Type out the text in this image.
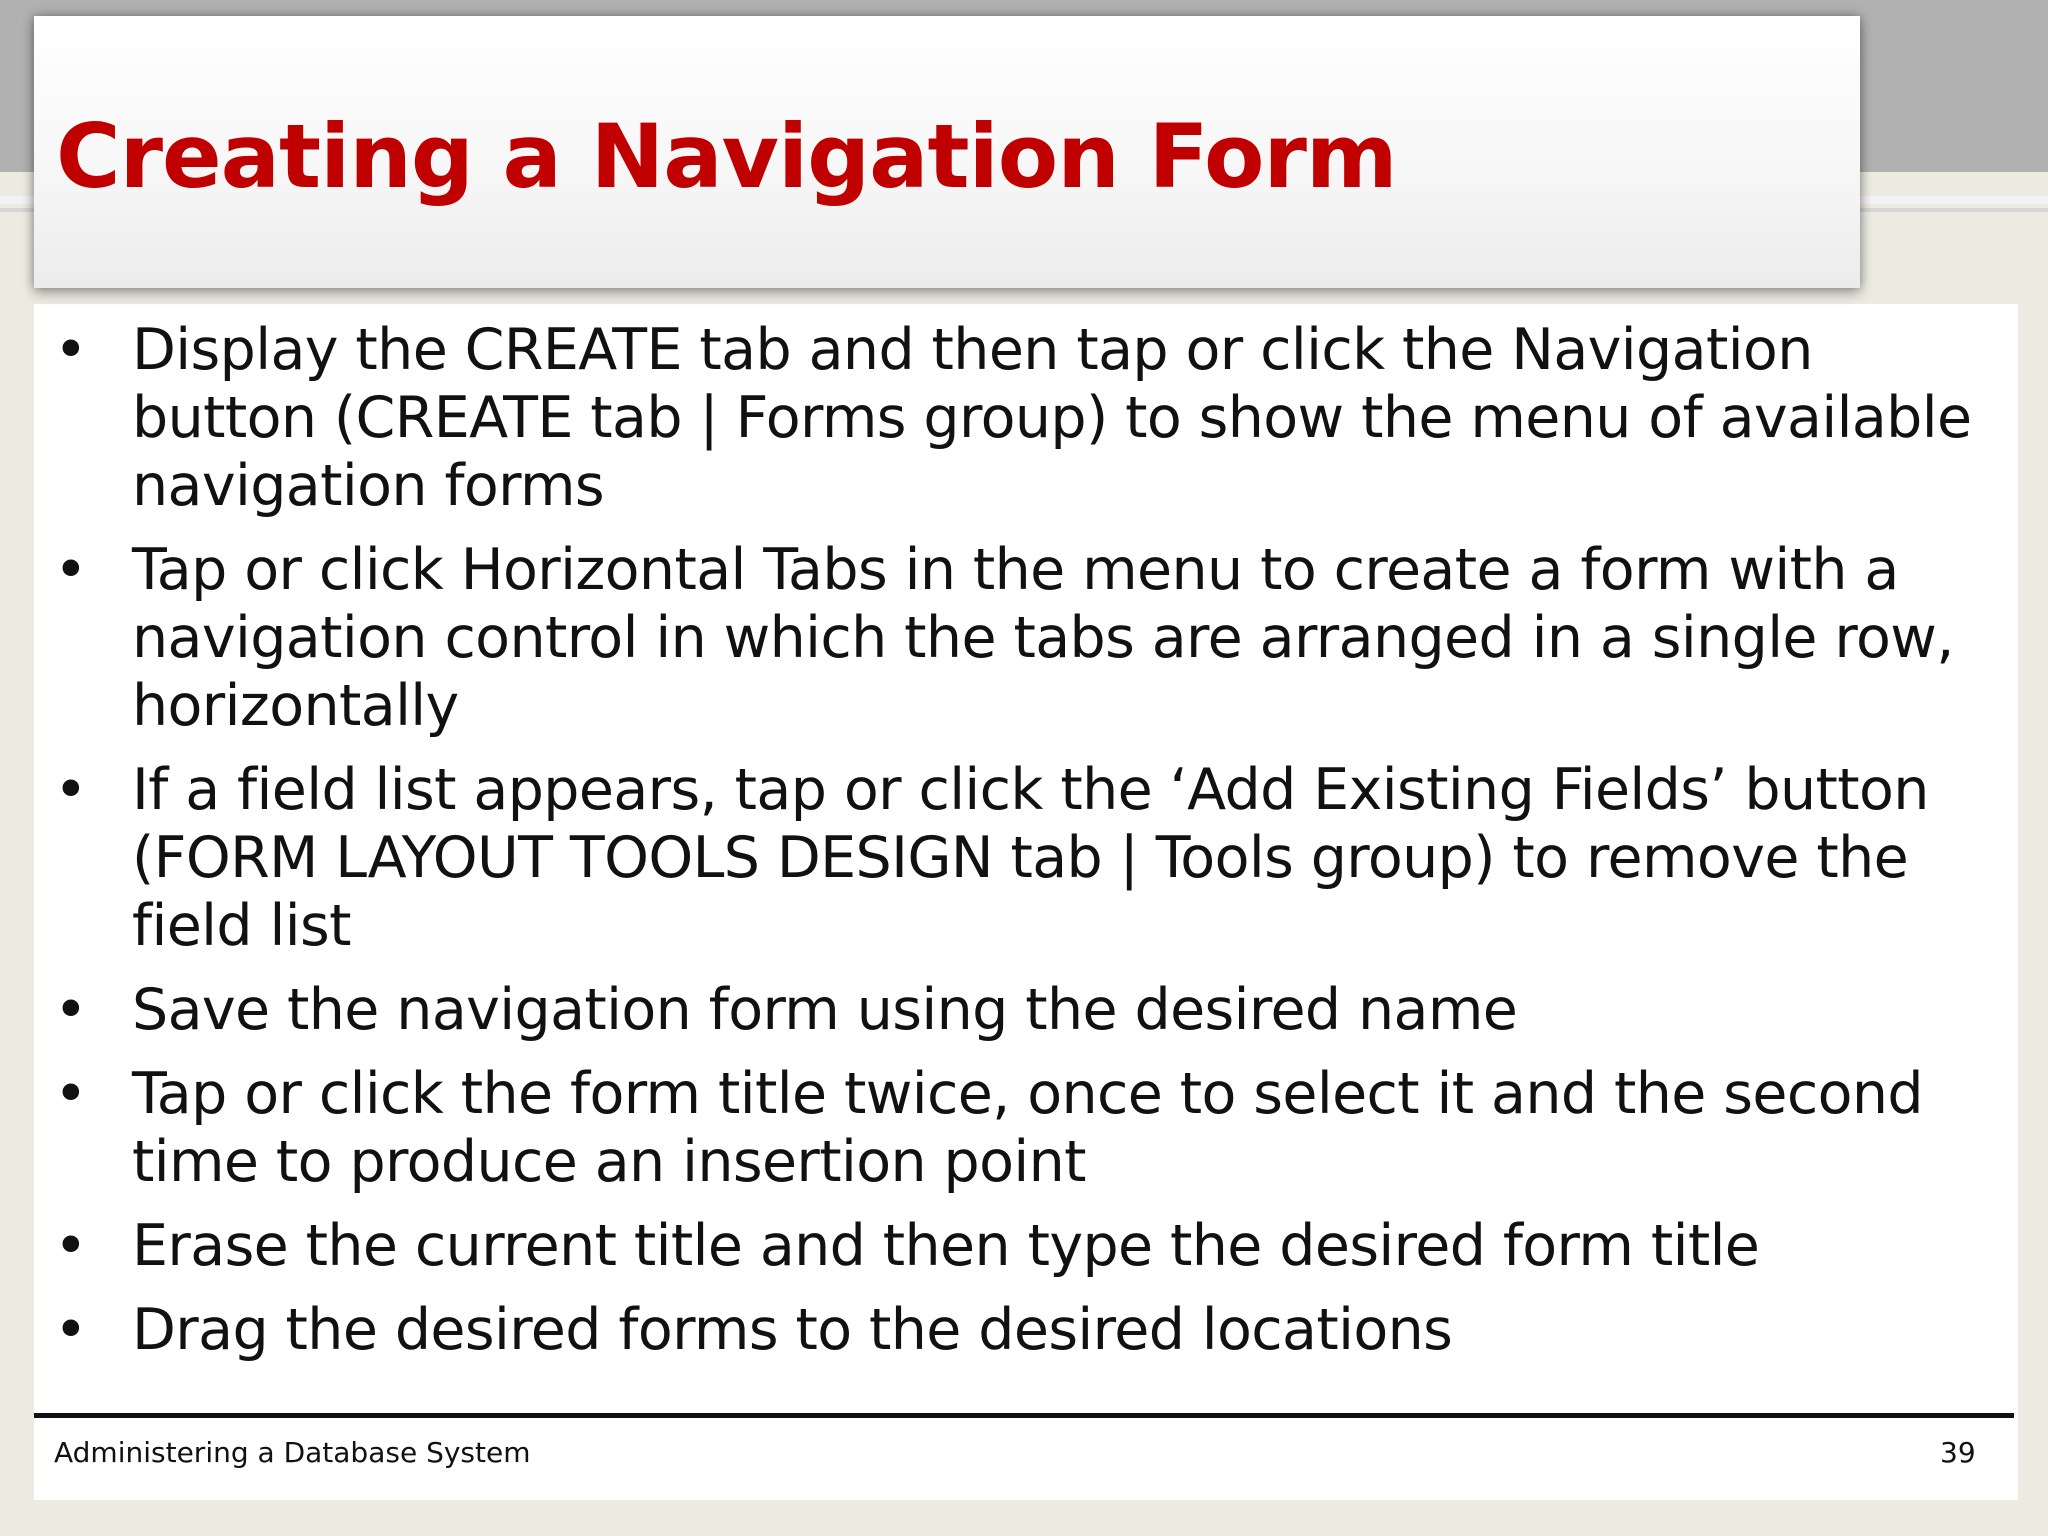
• Display the CREATE tab and then tap or click the Navigation button (CREATE tab | Forms group) to show the menu of available navigation forms
• Tap or click Horizontal Tabs in the menu to create a form with a navigation control in which the tabs are arranged in a single row, horizontally
• If a field list appears, tap or click the ‘Add Existing Fields’ button (FORM LAYOUT TOOLS DESIGN tab | Tools group) to remove the field list
• Save the navigation form using the desired name
• Tap or click the form title twice, once to select it and the second time to produce an insertion point
• Erase the current title and then type the desired form title
• Drag the desired forms to the desired locations
Creating a Navigation Form
Administering a Database System	39
